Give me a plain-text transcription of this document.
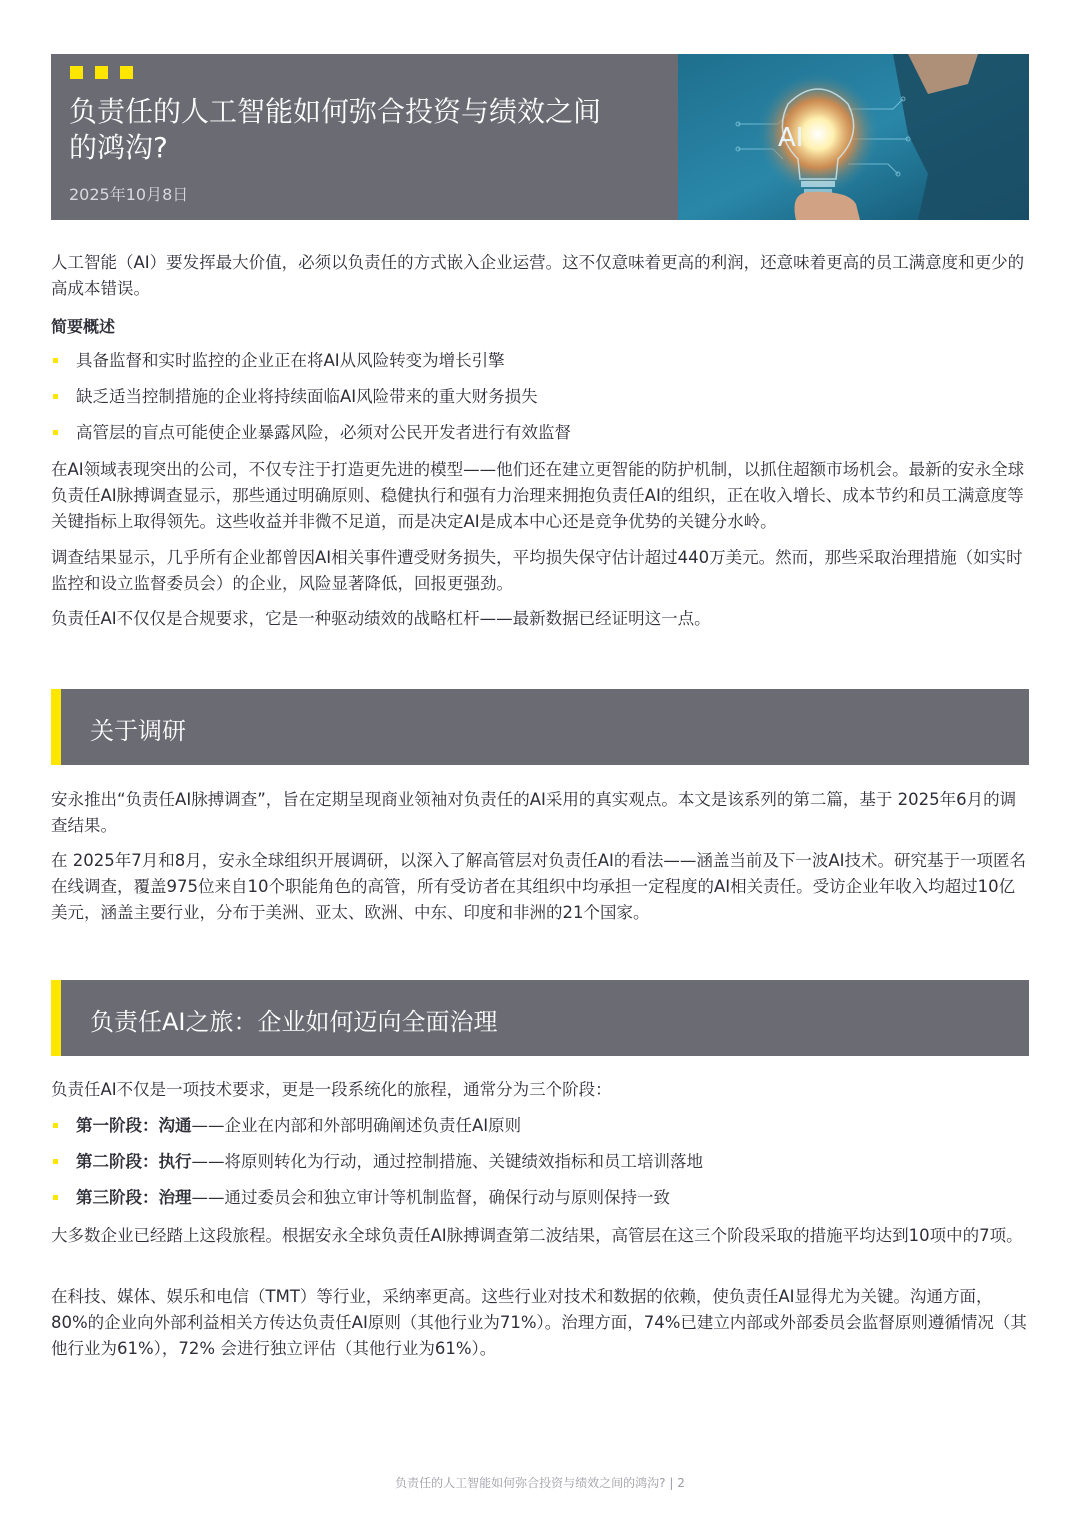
负责任的人工智能如何弥合投资与绩效之间的鸿沟?
2025年10月8日
AI

人工智能（AI）要发挥最大价值，必须以负责任的方式嵌入企业运营。这不仅意味着更高的利润，还意味着更高的员工满意度和更少的高成本错误。

简要概述
具备监督和实时监控的企业正在将AI从风险转变为增长引擎
缺乏适当控制措施的企业将持续面临AI风险带来的重大财务损失
高管层的盲点可能使企业暴露风险，必须对公民开发者进行有效监督

在AI领域表现突出的公司，不仅专注于打造更先进的模型——他们还在建立更智能的防护机制，以抓住超额市场机会。最新的安永全球负责任AI脉搏调查显示，那些通过明确原则、稳健执行和强有力治理来拥抱负责任AI的组织，正在收入增长、成本节约和员工满意度等关键指标上取得领先。这些收益并非微不足道，而是决定AI是成本中心还是竞争优势的关键分水岭。

调查结果显示，几乎所有企业都曾因AI相关事件遭受财务损失，平均损失保守估计超过440万美元。然而，那些采取治理措施（如实时监控和设立监督委员会）的企业，风险显著降低，回报更强劲。

负责任AI不仅仅是合规要求，它是一种驱动绩效的战略杠杆——最新数据已经证明这一点。

关于调研

安永推出“负责任AI脉搏调查”，旨在定期呈现商业领袖对负责任的AI采用的真实观点。本文是该系列的第二篇，基于 2025年6月的调查结果。

在 2025年7月和8月，安永全球组织开展调研，以深入了解高管层对负责任AI的看法——涵盖当前及下一波AI技术。研究基于一项匿名在线调查，覆盖975位来自10个职能角色的高管，所有受访者在其组织中均承担一定程度的AI相关责任。受访企业年收入均超过10亿美元，涵盖主要行业，分布于美洲、亚太、欧洲、中东、印度和非洲的21个国家。

负责任AI之旅：企业如何迈向全面治理

负责任AI不仅是一项技术要求，更是一段系统化的旅程，通常分为三个阶段：

第一阶段：沟通——企业在内部和外部明确阐述负责任AI原则
第二阶段：执行——将原则转化为行动，通过控制措施、关键绩效指标和员工培训落地
第三阶段：治理——通过委员会和独立审计等机制监督，确保行动与原则保持一致

大多数企业已经踏上这段旅程。根据安永全球负责任AI脉搏调查第二波结果，高管层在这三个阶段采取的措施平均达到10项中的7项。

在科技、媒体、娱乐和电信（TMT）等行业，采纳率更高。这些行业对技术和数据的依赖，使负责任AI显得尤为关键。沟通方面，80%的企业向外部利益相关方传达负责任AI原则（其他行业为71%）。治理方面，74%已建立内部或外部委员会监督原则遵循情况（其他行业为61%），72% 会进行独立评估（其他行业为61%）。

负责任的人工智能如何弥合投资与绩效之间的鸿沟? | 2
